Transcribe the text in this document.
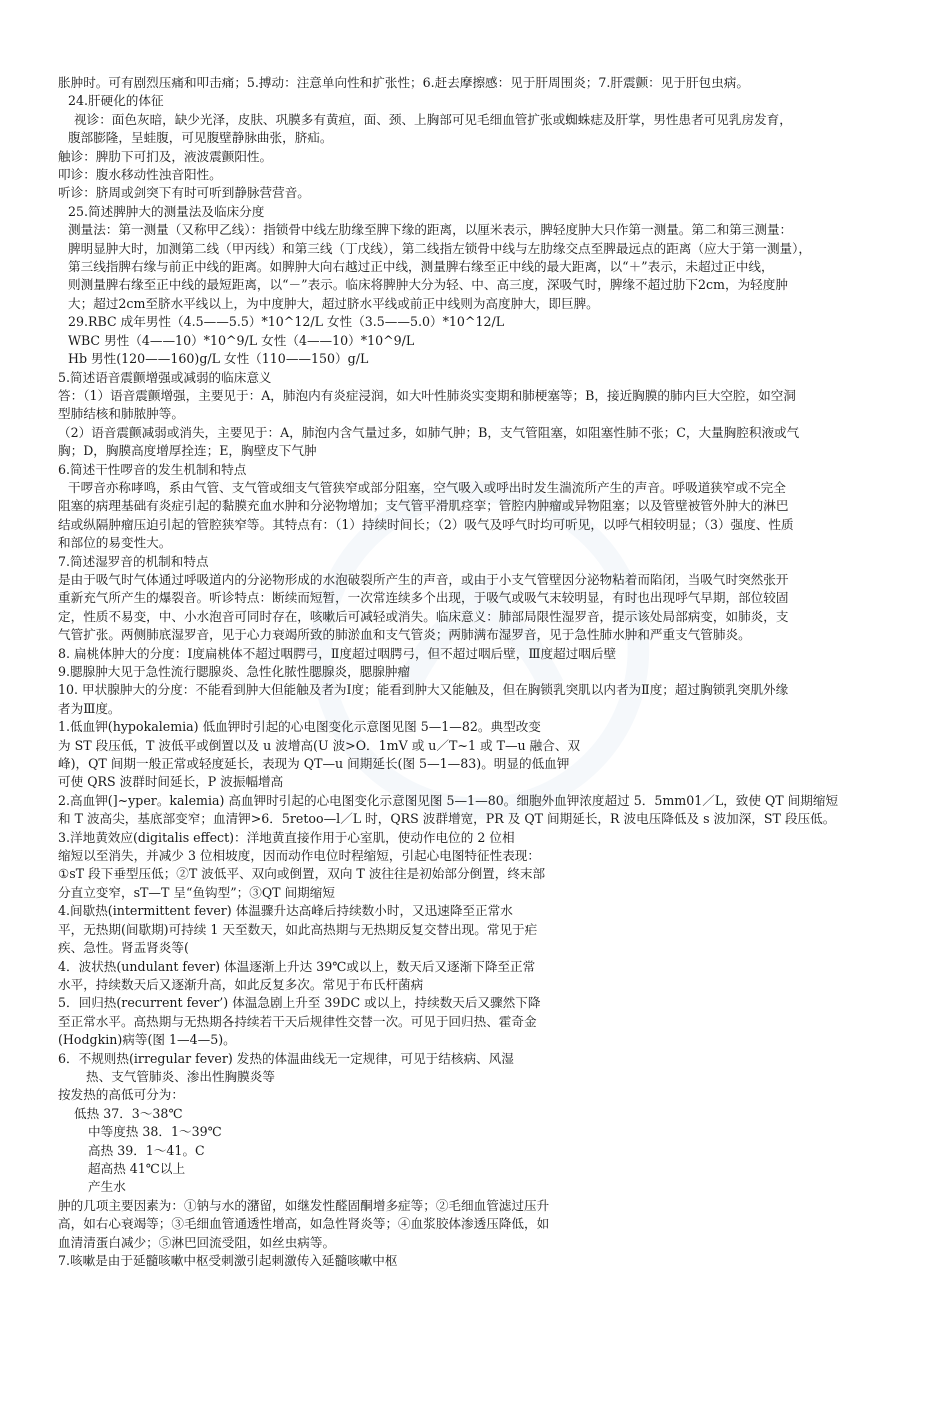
胀肿时。可有剧烈压痛和叩击痛；5.搏动：注意单向性和扩张性；6.赶去摩擦感：见于肝周围炎；7.肝震颤：见于肝包虫病。

24.肝硬化的体征

视诊：面色灰暗，缺少光泽，皮肤、巩膜多有黄疸，面、颈、上胸部可见毛细血管扩张或蜘蛛痣及肝掌，男性患者可见乳房发育，

腹部膨隆，呈蛙腹，可见腹壁静脉曲张，脐疝。

触诊：脾肋下可扪及，液波震颤阳性。

叩诊：腹水移动性浊音阳性。

听诊：脐周或剑突下有时可听到静脉营营音。

25.简述脾肿大的测量法及临床分度

测量法：第一测量（又称甲乙线）：指锁骨中线左肋缘至脾下缘的距离，以厘米表示，脾轻度肿大只作第一测量。第二和第三测量：

脾明显肿大时，加测第二线（甲丙线）和第三线（丁戊线），第二线指左锁骨中线与左肋缘交点至脾最远点的距离（应大于第一测量），

第三线指脾右缘与前正中线的距离。如脾肿大向右越过正中线，测量脾右缘至正中线的最大距离，以“＋”表示，未超过正中线，

则测量脾右缘至正中线的最短距离，以“－”表示。临床将脾肿大分为轻、中、高三度，深吸气时，脾缘不超过肋下2cm，为轻度肿

大；超过2cm至脐水平线以上，为中度肿大，超过脐水平线或前正中线则为高度肿大，即巨脾。

29.RBC 成年男性（4.5——5.5）*10^12/L 女性（3.5——5.0）*10^12/L

WBC 男性（4——10）*10^9/L 女性（4——10）*10^9/L

Hb 男性(120——160)g/L 女性（110——150）g/L

5.简述语音震颤增强或减弱的临床意义

答：（1）语音震颤增强，主要见于：A，肺泡内有炎症浸润，如大叶性肺炎实变期和肺梗塞等；B，接近胸膜的肺内巨大空腔，如空洞

型肺结核和肺脓肿等。

（2）语音震颤减弱或消失，主要见于：A，肺泡内含气量过多，如肺气肿；B，支气管阻塞，如阻塞性肺不张；C，大量胸腔积液或气

胸；D，胸膜高度增厚拴连；E，胸壁皮下气肿

6.简述干性啰音的发生机制和特点

干啰音亦称哮鸣，系由气管、支气管或细支气管狭窄或部分阻塞，空气吸入或呼出时发生湍流所产生的声音。呼吸道狭窄或不完全

阻塞的病理基础有炎症引起的黏膜充血水肿和分泌物增加；支气管平滑肌痉挛；管腔内肿瘤或异物阻塞；以及管壁被管外肿大的淋巴

结或纵隔肿瘤压迫引起的管腔狭窄等。其特点有：（1）持续时间长；（2）吸气及呼气时均可听见，以呼气相较明显；（3）强度、性质

和部位的易变性大。

7.简述湿罗音的机制和特点

是由于吸气时气体通过呼吸道内的分泌物形成的水泡破裂所产生的声音，或由于小支气管壁因分泌物粘着而陷闭，当吸气时突然张开

重新充气所产生的爆裂音。听诊特点：断续而短暂，一次常连续多个出现，于吸气或吸气末较明显，有时也出现呼气早期，部位较固

定，性质不易变，中、小水泡音可同时存在，咳嗽后可减轻或消失。临床意义：肺部局限性湿罗音，提示该处局部病变，如肺炎，支

气管扩张。两侧肺底湿罗音，见于心力衰竭所致的肺淤血和支气管炎；两肺满布湿罗音，见于急性肺水肿和严重支气管肺炎。

8. 扁桃体肿大的分度：Ⅰ度扁桃体不超过咽腭弓，Ⅱ度超过咽腭弓，但不超过咽后壁，Ⅲ度超过咽后壁

9.腮腺肿大见于急性流行腮腺炎、急性化脓性腮腺炎，腮腺肿瘤

10. 甲状腺肿大的分度：不能看到肿大但能触及者为Ⅰ度；能看到肿大又能触及，但在胸锁乳突肌以内者为Ⅱ度；超过胸锁乳突肌外缘

者为Ⅲ度。

1.低血钾(hypokalemia) 低血钾时引起的心电图变化示意图见图 5—1—82。典型改变

为 ST 段压低，T 波低平或倒置以及 u 波增高(U 波>O．1mV 或 u／T~1 或 T—u 融合、双

峰)，QT 间期一般正常或轻度延长，表现为 QT—u 间期延长(图 5—1—83)。明显的低血钾

可使 QRS 波群时间延长，P 波振幅增高

2.高血钾(]~yper。kalemia) 高血钾时引起的心电图变化示意图见图 5—1—80。细胞外血钾浓度超过 5．5mm01／L，致使 QT 间期缩短

和 T 波高尖，基底部变窄；血清钾>6．5retoo—l／L 时，QRS 波群增宽，PR 及 QT 间期延长，R 波电压降低及 s 波加深，ST 段压低。

3.洋地黄效应(digitalis effect)：洋地黄直接作用于心室肌，使动作电位的 2 位相

缩短以至消失，并减少 3 位相坡度，因而动作电位时程缩短，引起心电图特征性表现：

①sT 段下垂型压低；②T 波低平、双向或倒置，双向 T 波往往是初始部分倒置，终末部

分直立变窄，sT—T 呈“鱼钩型”；③QT 间期缩短

4.间歇热(intermittent fever) 体温骤升达高峰后持续数小时，又迅速降至正常水

平，无热期(间歇期)可持续 1 天至数天，如此高热期与无热期反复交替出现。常见于疟

疾、急性。肾盂肾炎等(

4．波状热(undulant fever) 体温逐渐上升达 39℃或以上，数天后又逐渐下降至正常

水平，持续数天后又逐渐升高，如此反复多次。常见于布氏杆菌病

5．回归热(recurrent fever’) 体温急剧上升至 39DC 或以上，持续数天后又骤然下降

至正常水平。高热期与无热期各持续若干天后规律性交替一次。可见于回归热、霍奇金

(Hodgkin)病等(图 1—4—5)。

6．不规则热(irregular fever) 发热的体温曲线无一定规律，可见于结核病、风湿

热、支气管肺炎、渗出性胸膜炎等

按发热的高低可分为：

低热 37．3～38℃

中等度热 38．1～39℃

高热 39．1～41。C

超高热 41℃以上

产生水

肿的几项主要因素为：①钠与水的潴留，如继发性醛固酮增多症等；②毛细血管滤过压升

高，如右心衰竭等；③毛细血管通透性增高，如急性肾炎等；④血浆胶体渗透压降低，如

血清清蛋白减少；⑤淋巴回流受阻，如丝虫病等。

7.咳嗽是由于延髓咳嗽中枢受刺激引起刺激传入延髓咳嗽中枢
